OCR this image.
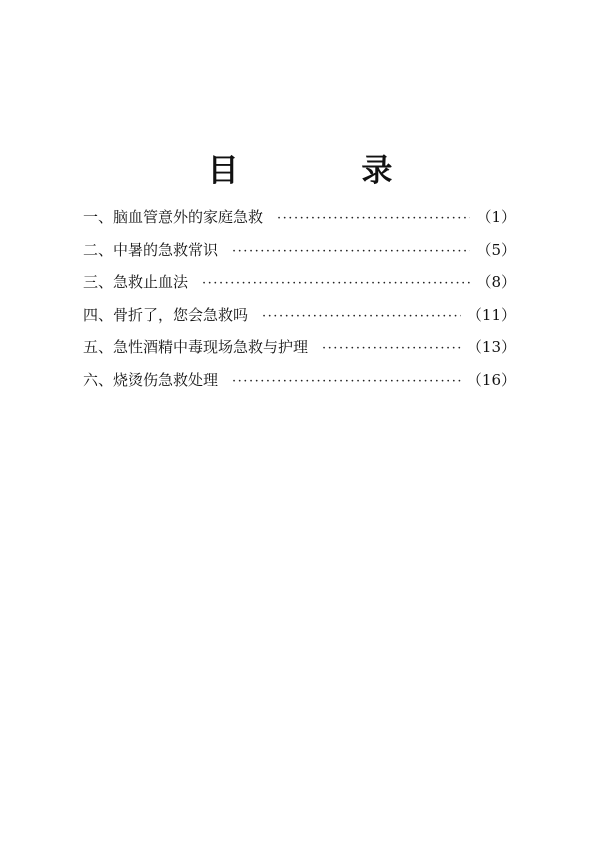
目 录
一 、 脑血管意外的家庭急救 ·····	（1）
二 、 中暑的急救常识 ·····	（5）
三 、 急救止血法 ·····	（8）
四 、 骨折了，您会急救吗 ·····	（11）
五 、 急性酒精中毒现场急救与护理 ·····	（13）
六 、 烧烫伤急救处理 ·····	（16）
